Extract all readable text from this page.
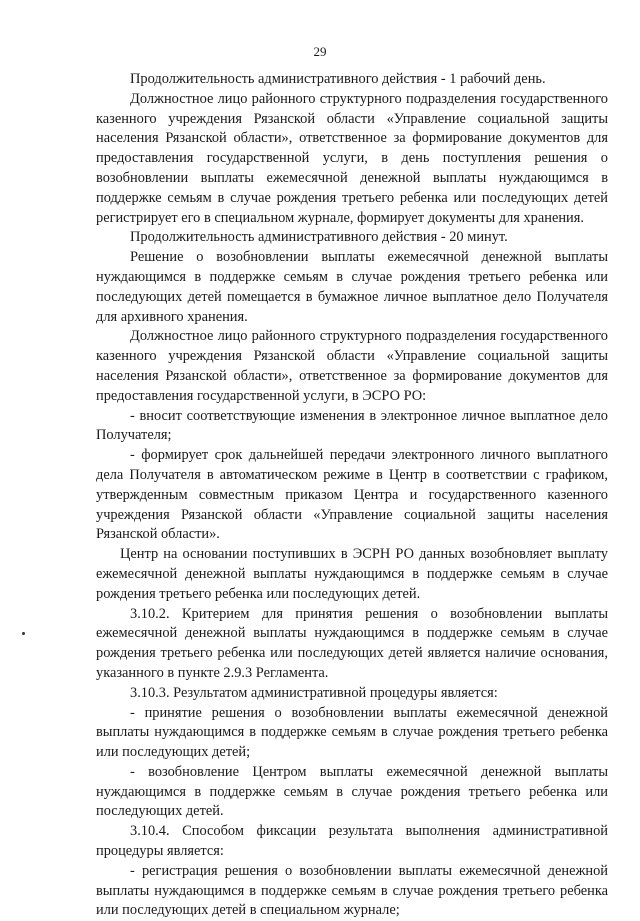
29

Продолжительность административного действия - 1 рабочий день.

Должностное лицо районного структурного подразделения государственного казенного учреждения Рязанской области «Управление социальной защиты населения Рязанской области», ответственное за формирование документов для предоставления государственной услуги, в день поступления решения о возобновлении выплаты ежемесячной денежной выплаты нуждающимся в поддержке семьям в случае рождения третьего ребенка или последующих детей регистрирует его в специальном журнале, формирует документы для хранения.

Продолжительность административного действия - 20 минут.

Решение о возобновлении выплаты ежемесячной денежной выплаты нуждающимся в поддержке семьям в случае рождения третьего ребенка или последующих детей помещается в бумажное личное выплатное дело Получателя для архивного хранения.

Должностное лицо районного структурного подразделения государственного казенного учреждения Рязанской области «Управление социальной защиты населения Рязанской области», ответственное за формирование документов для предоставления государственной услуги, в ЭСРО РО:

- вносит соответствующие изменения в электронное личное выплатное дело Получателя;

- формирует срок дальнейшей передачи электронного личного выплатного дела Получателя в автоматическом режиме в Центр в соответствии с графиком, утвержденным совместным приказом Центра и государственного казенного учреждения Рязанской области «Управление социальной защиты населения Рязанской области».

Центр на основании поступивших в ЭСРН РО данных возобновляет выплату ежемесячной денежной выплаты нуждающимся в поддержке семьям в случае рождения третьего ребенка или последующих детей.

3.10.2. Критерием для принятия решения о возобновлении выплаты ежемесячной денежной выплаты нуждающимся в поддержке семьям в случае рождения третьего ребенка или последующих детей является наличие основания, указанного в пункте 2.9.3 Регламента.

3.10.3. Результатом административной процедуры является:

- принятие решения о возобновлении выплаты ежемесячной денежной выплаты нуждающимся в поддержке семьям в случае рождения третьего ребенка или последующих детей;

- возобновление Центром выплаты ежемесячной денежной выплаты нуждающимся в поддержке семьям в случае рождения третьего ребенка или последующих детей.

3.10.4. Способом фиксации результата выполнения административной процедуры является:

- регистрация решения о возобновлении выплаты ежемесячной денежной выплаты нуждающимся в поддержке семьям в случае рождения третьего ребенка или последующих детей в специальном журнале;
